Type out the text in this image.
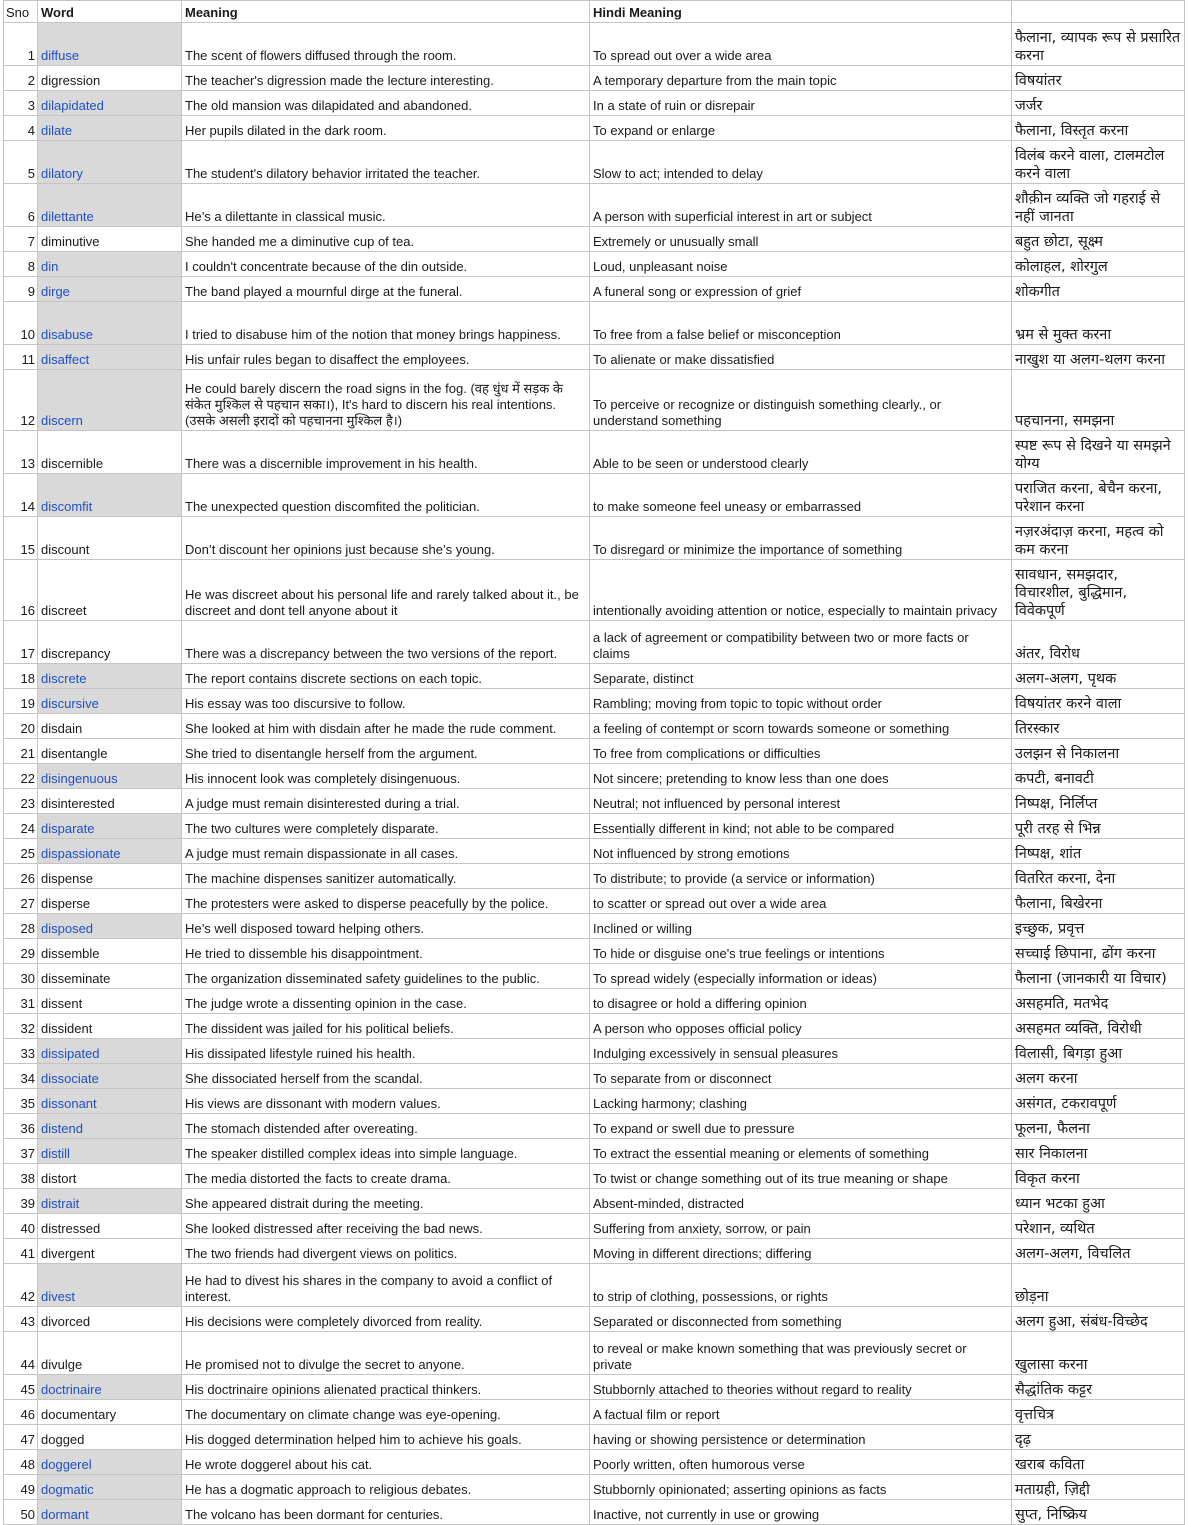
Sno	Word	Meaning	Hindi Meaning	
1	diffuse	The scent of flowers diffused through the room.	To spread out over a wide area	फैलाना, व्यापक रूप से प्रसारित करना
2	digression	The teacher's digression made the lecture interesting.	A temporary departure from the main topic	विषयांतर
3	dilapidated	The old mansion was dilapidated and abandoned.	In a state of ruin or disrepair	जर्जर
4	dilate	Her pupils dilated in the dark room.	To expand or enlarge	फैलाना, विस्तृत करना
5	dilatory	The student's dilatory behavior irritated the teacher.	Slow to act; intended to delay	विलंब करने वाला, टालमटोल करने वाला
6	dilettante	He’s a dilettante in classical music.	A person with superficial interest in art or subject	शौक़ीन व्यक्ति जो गहराई से नहीं जानता
7	diminutive	She handed me a diminutive cup of tea.	Extremely or unusually small	बहुत छोटा, सूक्ष्म
8	din	I couldn't concentrate because of the din outside.	Loud, unpleasant noise	कोलाहल, शोरगुल
9	dirge	The band played a mournful dirge at the funeral.	A funeral song or expression of grief	शोकगीत
10	disabuse	I tried to disabuse him of the notion that money brings happiness.	To free from a false belief or misconception	भ्रम से मुक्त करना
11	disaffect	His unfair rules began to disaffect the employees.	To alienate or make dissatisfied	नाखुश या अलग-थलग करना
12	discern	He could barely discern the road signs in the fog. (वह धुंध में सड़क के संकेत मुश्किल से पहचान सका।), It's hard to discern his real intentions. (उसके असली इरादों को पहचानना मुश्किल है।)	To perceive or recognize or distinguish something clearly., or understand something	पहचानना, समझना
13	discernible	There was a discernible improvement in his health.	Able to be seen or understood clearly	स्पष्ट रूप से दिखने या समझने योग्य
14	discomfit	The unexpected question discomfited the politician.	to make someone feel uneasy or embarrassed	पराजित करना, बेचैन करना, परेशान करना
15	discount	Don’t discount her opinions just because she’s young.	To disregard or minimize the importance of something	नज़रअंदाज़ करना, महत्व को कम करना
16	discreet	He was discreet about his personal life and rarely talked about it., be discreet and dont tell anyone about it	intentionally avoiding attention or notice, especially to maintain privacy	सावधान, समझदार, विचारशील, बुद्धिमान, विवेकपूर्ण
17	discrepancy	There was a discrepancy between the two versions of the report.	a lack of agreement or compatibility between two or more facts or claims	अंतर, विरोध
18	discrete	The report contains discrete sections on each topic.	Separate, distinct	अलग-अलग, पृथक
19	discursive	His essay was too discursive to follow.	Rambling; moving from topic to topic without order	विषयांतर करने वाला
20	disdain	She looked at him with disdain after he made the rude comment.	a feeling of contempt or scorn towards someone or something	तिरस्कार
21	disentangle	She tried to disentangle herself from the argument.	To free from complications or difficulties	उलझन से निकालना
22	disingenuous	His innocent look was completely disingenuous.	Not sincere; pretending to know less than one does	कपटी, बनावटी
23	disinterested	A judge must remain disinterested during a trial.	Neutral; not influenced by personal interest	निष्पक्ष, निर्लिप्त
24	disparate	The two cultures were completely disparate.	Essentially different in kind; not able to be compared	पूरी तरह से भिन्न
25	dispassionate	A judge must remain dispassionate in all cases.	Not influenced by strong emotions	निष्पक्ष, शांत
26	dispense	The machine dispenses sanitizer automatically.	To distribute; to provide (a service or information)	वितरित करना, देना
27	disperse	The protesters were asked to disperse peacefully by the police.	to scatter or spread out over a wide area	फैलाना, बिखेरना
28	disposed	He’s well disposed toward helping others.	Inclined or willing	इच्छुक, प्रवृत्त
29	dissemble	He tried to dissemble his disappointment.	To hide or disguise one's true feelings or intentions	सच्चाई छिपाना, ढोंग करना
30	disseminate	The organization disseminated safety guidelines to the public.	To spread widely (especially information or ideas)	फैलाना (जानकारी या विचार)
31	dissent	The judge wrote a dissenting opinion in the case.	to disagree or hold a differing opinion	असहमति, मतभेद
32	dissident	The dissident was jailed for his political beliefs.	A person who opposes official policy	असहमत व्यक्ति, विरोधी
33	dissipated	His dissipated lifestyle ruined his health.	Indulging excessively in sensual pleasures	विलासी, बिगड़ा हुआ
34	dissociate	She dissociated herself from the scandal.	To separate from or disconnect	अलग करना
35	dissonant	His views are dissonant with modern values.	Lacking harmony; clashing	असंगत, टकरावपूर्ण
36	distend	The stomach distended after overeating.	To expand or swell due to pressure	फूलना, फैलना
37	distill	The speaker distilled complex ideas into simple language.	To extract the essential meaning or elements of something	सार निकालना
38	distort	The media distorted the facts to create drama.	To twist or change something out of its true meaning or shape	विकृत करना
39	distrait	She appeared distrait during the meeting.	Absent-minded, distracted	ध्यान भटका हुआ
40	distressed	She looked distressed after receiving the bad news.	Suffering from anxiety, sorrow, or pain	परेशान, व्यथित
41	divergent	The two friends had divergent views on politics.	Moving in different directions; differing	अलग-अलग, विचलित
42	divest	He had to divest his shares in the company to avoid a conflict of interest.	to strip of clothing, possessions, or rights	छोड़ना
43	divorced	His decisions were completely divorced from reality.	Separated or disconnected from something	अलग हुआ, संबंध-विच्छेद
44	divulge	He promised not to divulge the secret to anyone.	to reveal or make known something that was previously secret or private	खुलासा करना
45	doctrinaire	His doctrinaire opinions alienated practical thinkers.	Stubbornly attached to theories without regard to reality	सैद्धांतिक कट्टर
46	documentary	The documentary on climate change was eye-opening.	A factual film or report	वृत्तचित्र
47	dogged	His dogged determination helped him to achieve his goals.	having or showing persistence or determination	दृढ़
48	doggerel	He wrote doggerel about his cat.	Poorly written, often humorous verse	खराब कविता
49	dogmatic	He has a dogmatic approach to religious debates.	Stubbornly opinionated; asserting opinions as facts	मताग्रही, ज़िद्दी
50	dormant	The volcano has been dormant for centuries.	Inactive, not currently in use or growing	सुप्त, निष्क्रिय
